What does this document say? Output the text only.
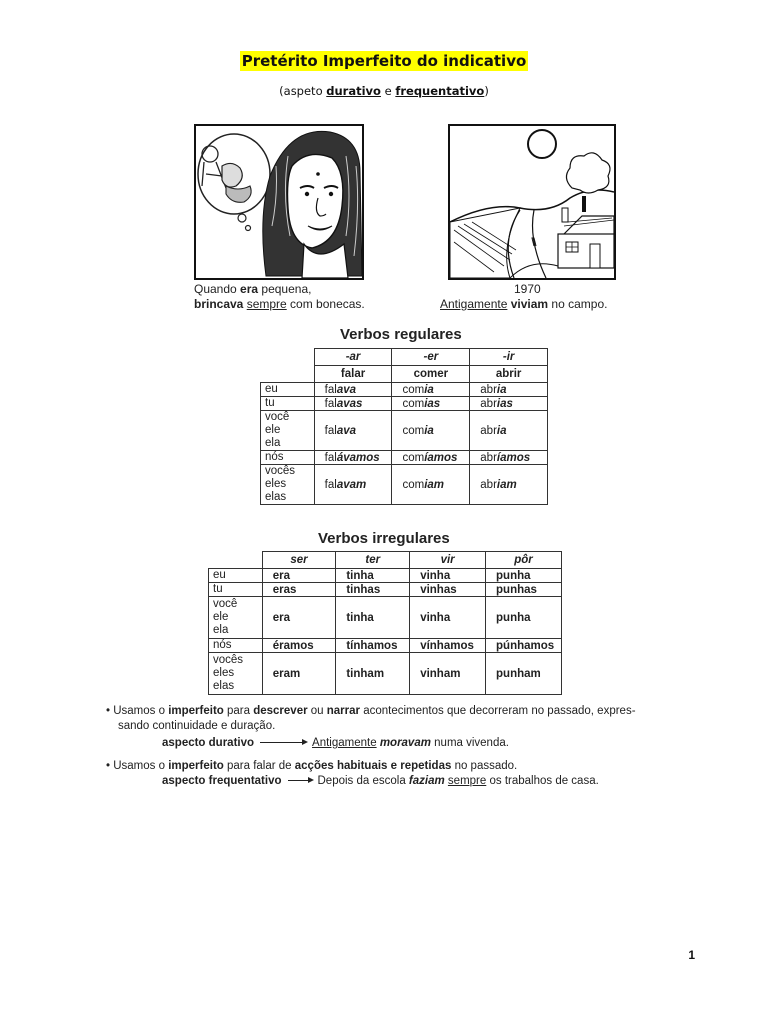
Pretérito Imperfeito do indicativo
(aspeto durativo e frequentativo)
Quando era pequena,
brincava sempre com bonecas.
1970
Antigamente viviam no campo.
Verbos regulares
	-ar	-er	-ir
	falar	comer	abrir
eu	falava	comia	abria
tu	falavas	comias	abrias

você
ele
ela	falava	comia	abria
nós	falávamos	comíamos	abríamos

vocês
eles
elas	falavam	comiam	abriam
Verbos irregulares
	ser	ter	vir	pôr
eu	era	tinha	vinha	punha
tu	eras	tinhas	vinhas	punhas

você
ele
ela	era	tinha	vinha	punha
nós	éramos	tínhamos	vínhamos	púnhamos

vocês
eles
elas	eram	tinham	vinham	punham
• Usamos o imperfeito para descrever ou narrar acontecimentos que decorreram no passado, expres-
sando continuidade e duração.
aspecto durativo	Antigamente moravam numa vivenda.
• Usamos o imperfeito para falar de acções habituais e repetidas no passado.
aspecto frequentativo	Depois da escola faziam sempre os trabalhos de casa.
1
